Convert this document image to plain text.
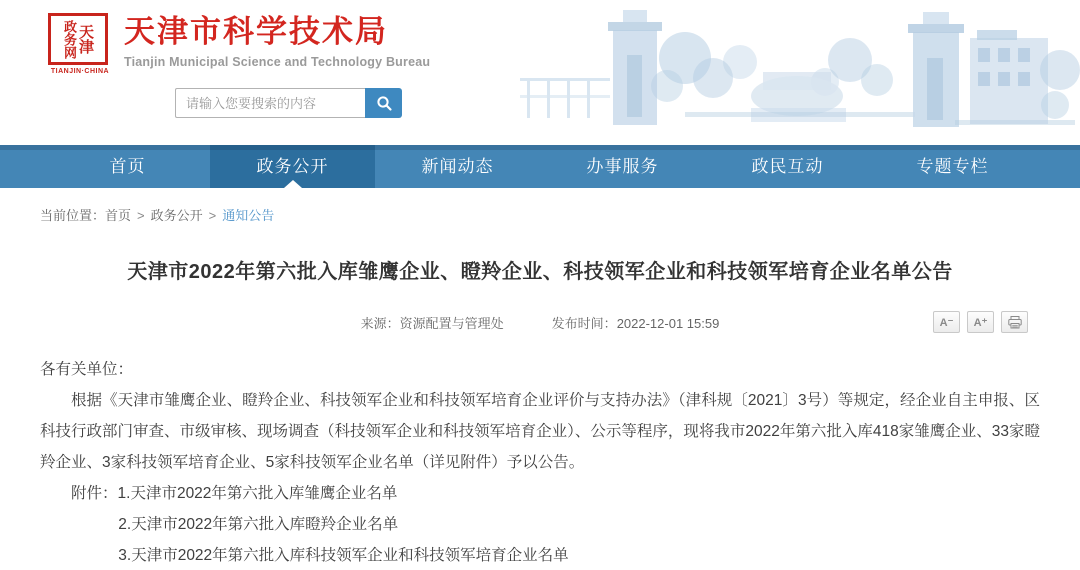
政务网 天津
TIANJIN·CHINA
天津市科学技术局
Tianjin Municipal Science and Technology Bureau
请输入您要搜索的内容
首页	政务公开	新闻动态	办事服务	政民互动	专题专栏
当前位置：首页 > 政务公开 > 通知公告
天津市2022年第六批入库雏鹰企业、瞪羚企业、科技领军企业和科技领军培育企业名单公告
来源：资源配置与管理处	发布时间：2022-12-01 15:59	A⁻	A⁺
各有关单位：
根据《天津市雏鹰企业、瞪羚企业、科技领军企业和科技领军培育企业评价与支持办法》（津科规〔2021〕3号）等规定，经企业自主申报、区科技行政部门审查、市级审核、现场调查（科技领军企业和科技领军培育企业）、公示等程序，现将我市2022年第六批入库418家雏鹰企业、33家瞪羚企业、3家科技领军培育企业、5家科技领军企业名单（详见附件）予以公告。
附件：1.天津市2022年第六批入库雏鹰企业名单
2.天津市2022年第六批入库瞪羚企业名单
3.天津市2022年第六批入库科技领军企业和科技领军培育企业名单
